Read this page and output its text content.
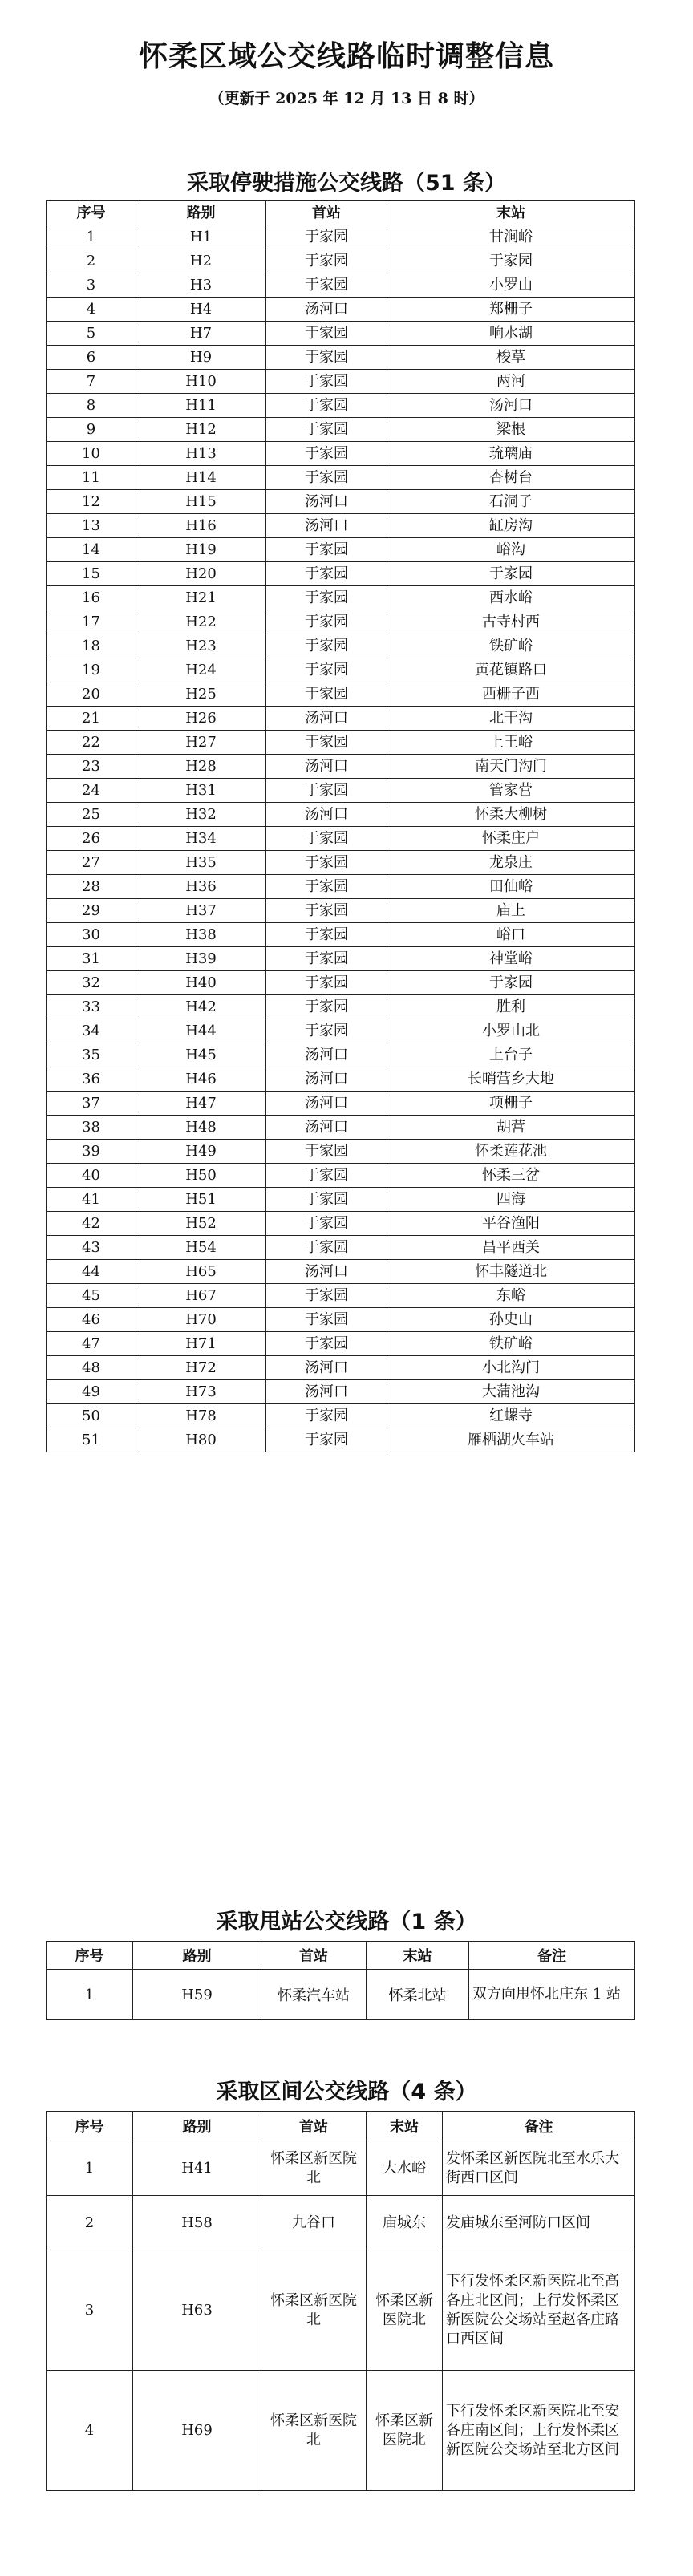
怀柔区域公交线路临时调整信息
（更新于 2025 年 12 月 13 日 8 时）
采取停驶措施公交线路（51 条）
序号	路别	首站	末站
1	H1	于家园	甘涧峪
2	H2	于家园	于家园
3	H3	于家园	小罗山
4	H4	汤河口	郑栅子
5	H7	于家园	响水湖
6	H9	于家园	梭草
7	H10	于家园	两河
8	H11	于家园	汤河口
9	H12	于家园	梁根
10	H13	于家园	琉璃庙
11	H14	于家园	杏树台
12	H15	汤河口	石洞子
13	H16	汤河口	缸房沟
14	H19	于家园	峪沟
15	H20	于家园	于家园
16	H21	于家园	西水峪
17	H22	于家园	古寺村西
18	H23	于家园	铁矿峪
19	H24	于家园	黄花镇路口
20	H25	于家园	西栅子西
21	H26	汤河口	北干沟
22	H27	于家园	上王峪
23	H28	汤河口	南天门沟门
24	H31	于家园	管家营
25	H32	汤河口	怀柔大柳树
26	H34	于家园	怀柔庄户
27	H35	于家园	龙泉庄
28	H36	于家园	田仙峪
29	H37	于家园	庙上
30	H38	于家园	峪口
31	H39	于家园	神堂峪
32	H40	于家园	于家园
33	H42	于家园	胜利
34	H44	于家园	小罗山北
35	H45	汤河口	上台子
36	H46	汤河口	长哨营乡大地
37	H47	汤河口	项栅子
38	H48	汤河口	胡营
39	H49	于家园	怀柔莲花池
40	H50	于家园	怀柔三岔
41	H51	于家园	四海
42	H52	于家园	平谷渔阳
43	H54	于家园	昌平西关
44	H65	汤河口	怀丰隧道北
45	H67	于家园	东峪
46	H70	于家园	孙史山
47	H71	于家园	铁矿峪
48	H72	汤河口	小北沟门
49	H73	汤河口	大蒲池沟
50	H78	于家园	红螺寺
51	H80	于家园	雁栖湖火车站
采取甩站公交线路（1 条）
序号	路别	首站	末站	备注
1	H59	怀柔汽车站	怀柔北站	双方向甩怀北庄东 1 站
采取区间公交线路（4 条）
序号	路别	首站	末站	备注
1	H41	怀柔区新医院北	大水峪	发怀柔区新医院北至水乐大街西口区间
2	H58	九谷口	庙城东	发庙城东至河防口区间
3	H63	怀柔区新医院北	怀柔区新医院北	下行发怀柔区新医院北至高各庄北区间；上行发怀柔区新医院公交场站至赵各庄路口西区间
4	H69	怀柔区新医院北	怀柔区新医院北	下行发怀柔区新医院北至安各庄南区间；上行发怀柔区新医院公交场站至北方区间
